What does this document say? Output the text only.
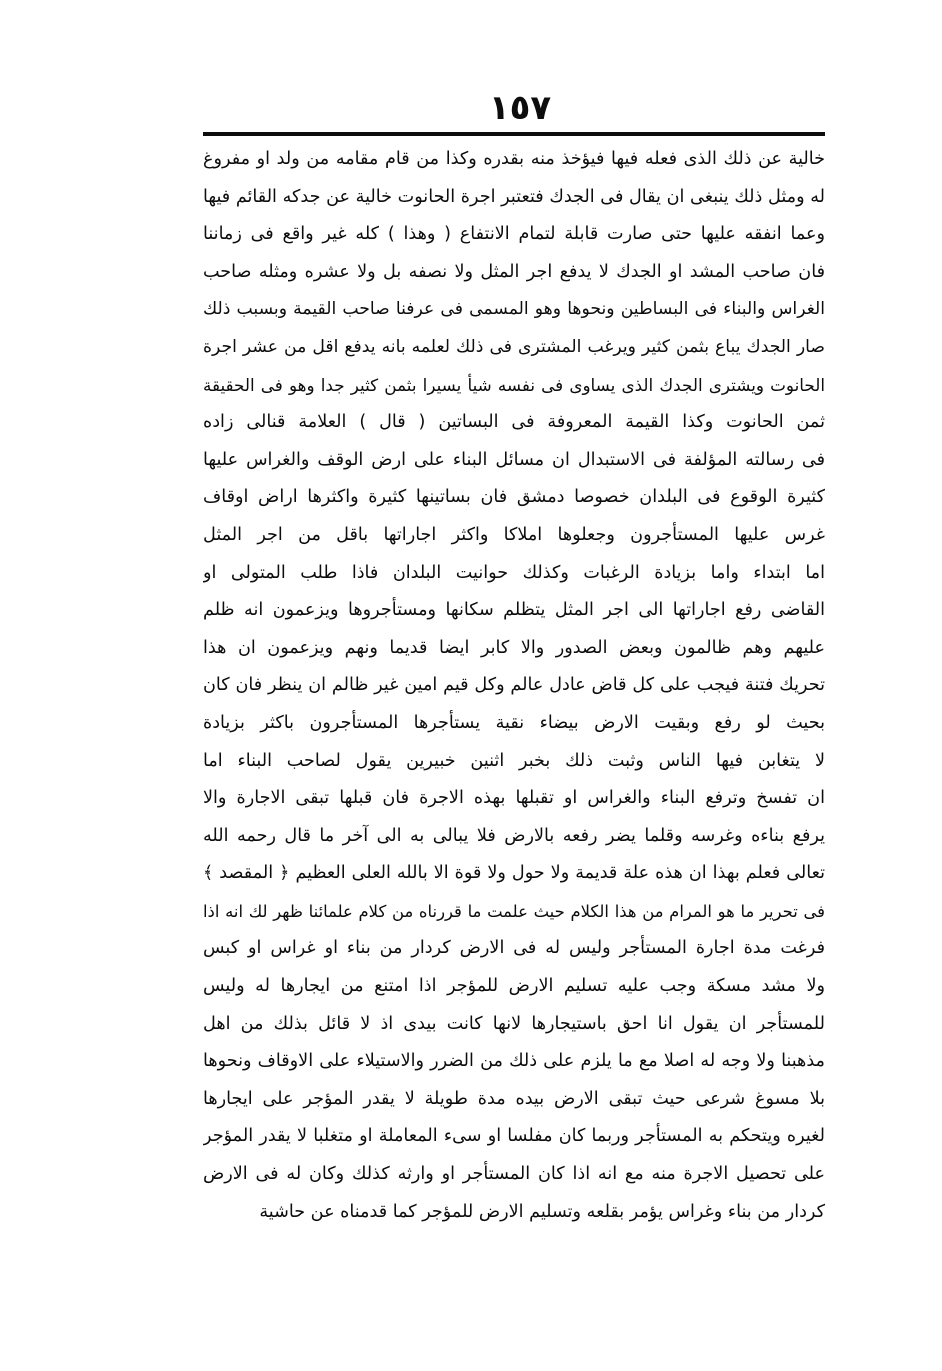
١٥٧
خالية عن ذلك الذى فعله فيها فيؤخذ منه بقدره وكذا من قام مقامه من ولد او مفروغ
له ومثل ذلك ينبغى ان يقال فى الجدك فتعتبر اجرة الحانوت خالية عن جدكه القائم فيها
وعما انفقه عليها حتى صارت قابلة لتمام الانتفاع ( وهذا ) كله غير واقع فى زماننا
فان صاحب المشد او الجدك لا يدفع اجر المثل ولا نصفه بل ولا عشره ومثله صاحب
الغراس والبناء فى البساطين ونحوها وهو المسمى فى عرفنا صاحب القيمة وبسبب ذلك
صار الجدك يباع بثمن كثير ويرغب المشترى فى ذلك لعلمه بانه يدفع اقل من عشر اجرة
الحانوت ويشترى الجدك الذى يساوى فى نفسه شيأ يسيرا بثمن كثير جدا وهو فى الحقيقة
ثمن الحانوت وكذا القيمة المعروفة فى البساتين ( قال ) العلامة قنالى زاده
فى رسالته المؤلفة فى الاستبدال ان مسائل البناء على ارض الوقف والغراس عليها
كثيرة الوقوع فى البلدان خصوصا دمشق فان بساتينها كثيرة واكثرها اراض اوقاف
غرس عليها المستأجرون وجعلوها املاكا واكثر اجاراتها باقل من اجر المثل
اما ابتداء واما بزيادة الرغبات وكذلك حوانيت البلدان فاذا طلب المتولى او
القاضى رفع اجاراتها الى اجر المثل يتظلم سكانها ومستأجروها ويزعمون انه ظلم
عليهم وهم ظالمون وبعض الصدور والا كابر ايضا قديما ونهم ويزعمون ان هذا
تحريك فتنة فيجب على كل قاض عادل عالم وكل قيم امين غير ظالم ان ينظر فان كان
بحيث لو رفع وبقيت الارض بيضاء نقية يستأجرها المستأجرون باكثر بزيادة
لا يتغابن فيها الناس وثبت ذلك بخبر اثنين خبيرين يقول لصاحب البناء اما
ان تفسخ وترفع البناء والغراس او تقبلها بهذه الاجرة فان قبلها تبقى الاجارة والا
يرفع بناءه وغرسه وقلما يضر رفعه بالارض فلا يبالى به الى آخر ما قال رحمه الله
تعالى فعلم بهذا ان هذه علة قديمة ولا حول ولا قوة الا بالله العلى العظيم ﴿ المقصد ﴾
فى تحرير ما هو المرام من هذا الكلام حيث علمت ما قررناه من كلام علمائنا ظهر لك انه اذا
فرغت مدة اجارة المستأجر وليس له فى الارض كردار من بناء او غراس او كبس
ولا مشد مسكة وجب عليه تسليم الارض للمؤجر اذا امتنع من ايجارها له وليس
للمستأجر ان يقول انا احق باستيجارها لانها كانت بيدى اذ لا قائل بذلك من اهل
مذهبنا ولا وجه له اصلا مع ما يلزم على ذلك من الضرر والاستيلاء على الاوقاف ونحوها
بلا مسوغ شرعى حيث تبقى الارض بيده مدة طويلة لا يقدر المؤجر على ايجارها
لغيره ويتحكم به المستأجر وربما كان مفلسا او سىء المعاملة او متغلبا لا يقدر المؤجر
على تحصيل الاجرة منه مع انه اذا كان المستأجر او وارثه كذلك وكان له فى الارض
كردار من بناء وغراس يؤمر بقلعه وتسليم الارض للمؤجر كما قدمناه عن حاشية
